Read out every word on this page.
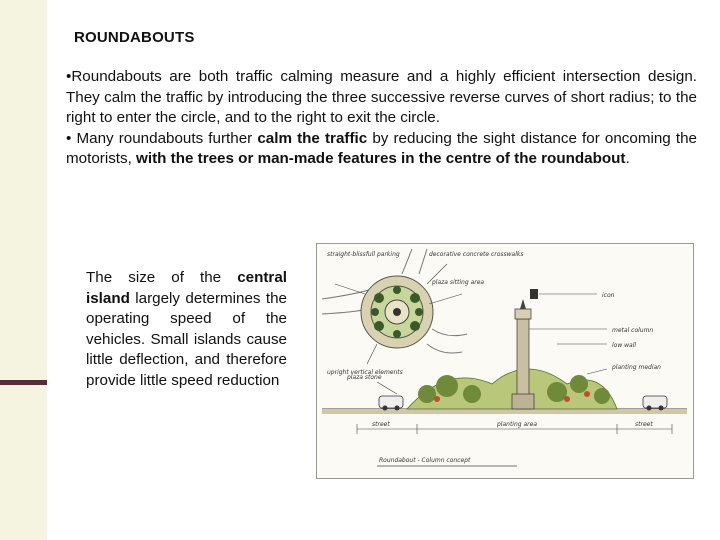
ROUNDABOUTS

•Roundabouts are both traffic calming measure and a highly efficient intersection design. They calm the traffic by introducing the three successive reverse curves of short radius; to the right to enter the circle, and to the right to exit the circle.

• Many roundabouts further calm the traffic by reducing the sight distance for oncoming the motorists, with the trees or man-made features in the centre of the roundabout.

The size of the central island largely determines the operating speed of the vehicles. Small islands cause little deflection, and therefore provide little speed reduction

straight-blissfull parking	decorative concrete crosswalks
plaza sitting area
upright vertical elements
icon
metal column
low wall
planting median
plaza stone
street	planting area	street
Roundabout - Column concept
